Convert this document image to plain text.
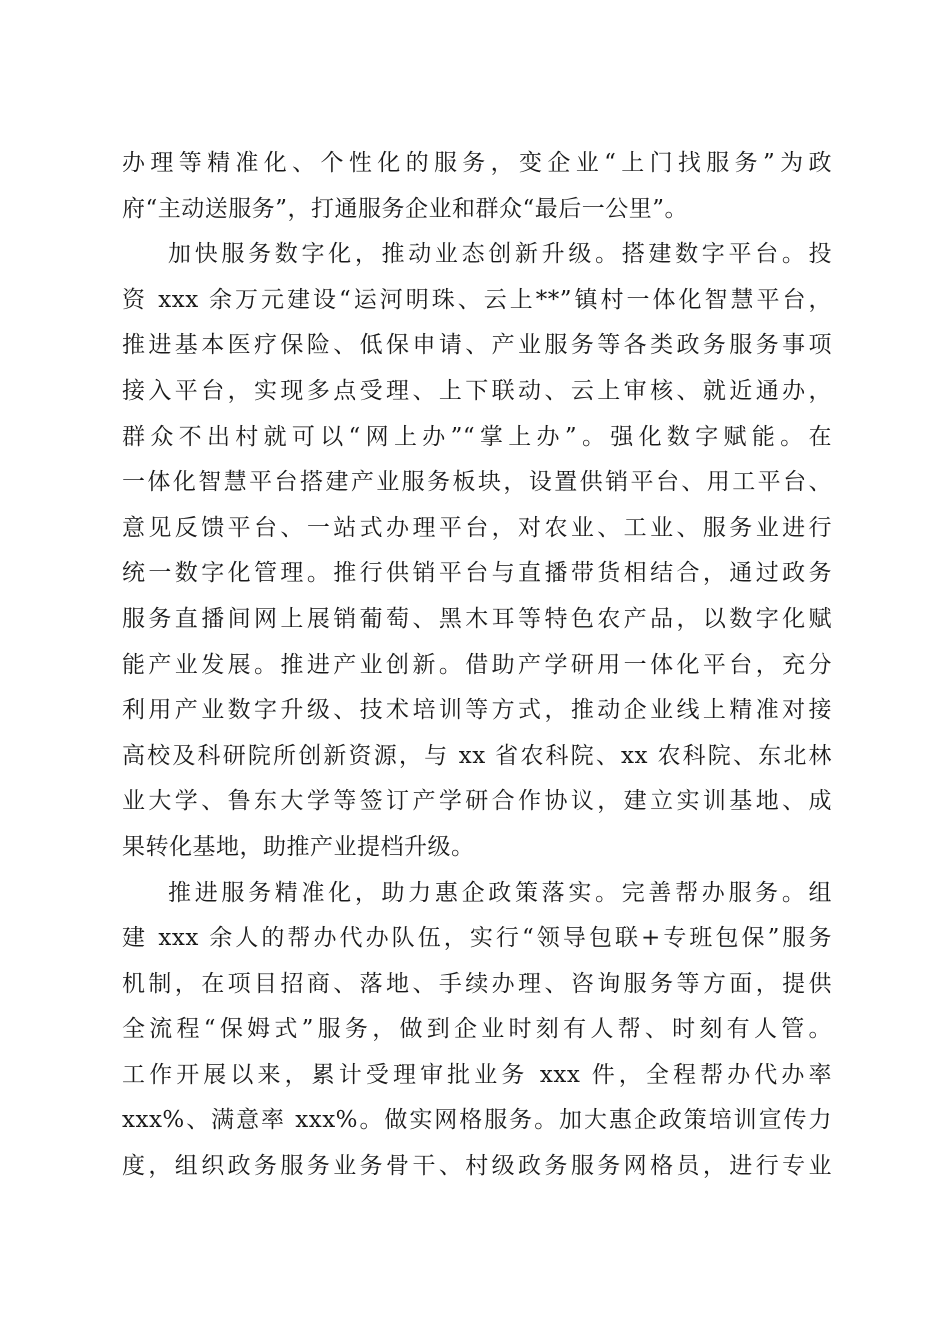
办理等精准化、个性化的服务，变企业“上门找服务”为政
府“主动送服务”，打通服务企业和群众“最后一公里”。
加快服务数字化，推动业态创新升级。搭建数字平台。投
资 xxx 余万元建设“运河明珠、云上**”镇村一体化智慧平台，
推进基本医疗保险、低保申请、产业服务等各类政务服务事项
接入平台，实现多点受理、上下联动、云上审核、就近通办，
群众不出村就可以“网上办”“掌上办”。强化数字赋能。在
一体化智慧平台搭建产业服务板块，设置供销平台、用工平台、
意见反馈平台、一站式办理平台，对农业、工业、服务业进行
统一数字化管理。推行供销平台与直播带货相结合，通过政务
服务直播间网上展销葡萄、黑木耳等特色农产品，以数字化赋
能产业发展。推进产业创新。借助产学研用一体化平台，充分
利用产业数字升级、技术培训等方式，推动企业线上精准对接
高校及科研院所创新资源，与 xx 省农科院、xx 农科院、东北林
业大学、鲁东大学等签订产学研合作协议，建立实训基地、成
果转化基地，助推产业提档升级。
推进服务精准化，助力惠企政策落实。完善帮办服务。组
建 xxx 余人的帮办代办队伍，实行“领导包联+专班包保”服务
机制，在项目招商、落地、手续办理、咨询服务等方面，提供
全流程“保姆式”服务，做到企业时刻有人帮、时刻有人管。
工作开展以来，累计受理审批业务 xxx 件，全程帮办代办率
xxx%、满意率 xxx%。做实网格服务。加大惠企政策培训宣传力
度，组织政务服务业务骨干、村级政务服务网格员，进行专业
